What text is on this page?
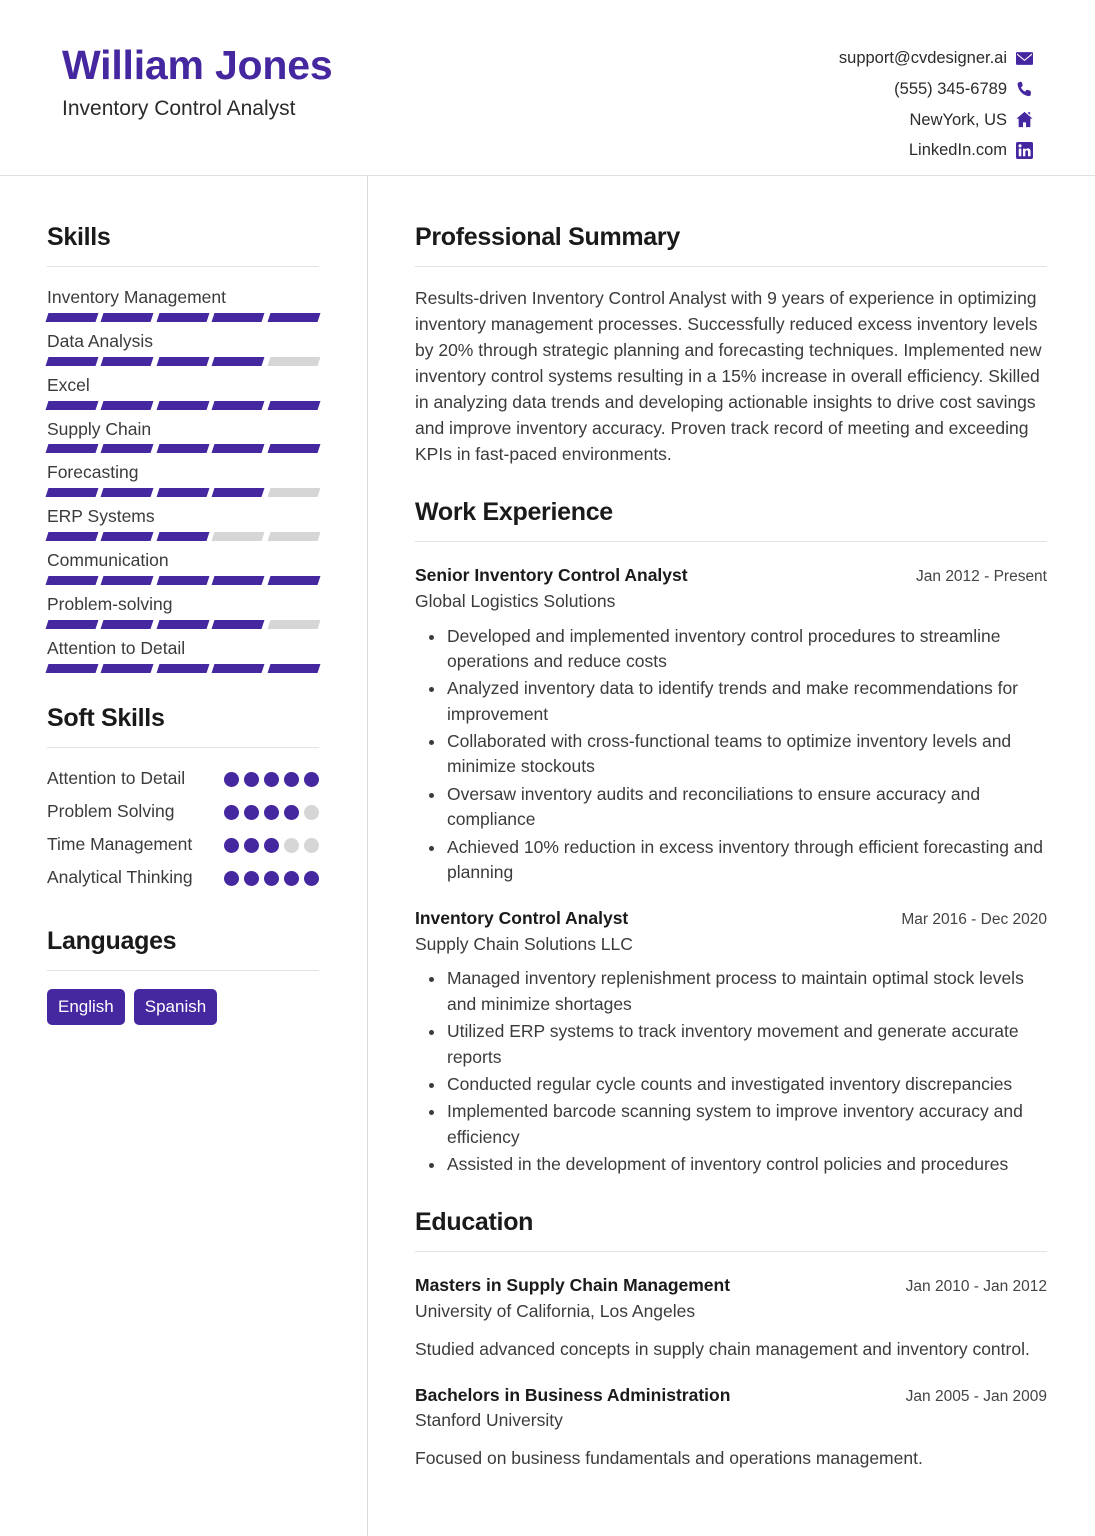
William Jones
Inventory Control Analyst
support@cvdesigner.ai
(555) 345-6789
NewYork, US
LinkedIn.com
Skills
Inventory Management
Data Analysis
Excel
Supply Chain
Forecasting
ERP Systems
Communication
Problem-solving
Attention to Detail
Soft Skills
Attention to Detail
Problem Solving
Time Management
Analytical Thinking
Languages
English	Spanish
Professional Summary

Results-driven Inventory Control Analyst with 9 years of experience in optimizing inventory management processes. Successfully reduced excess inventory levels by 20% through strategic planning and forecasting techniques. Implemented new inventory control systems resulting in a 15% increase in overall efficiency. Skilled in analyzing data trends and developing actionable insights to drive cost savings and improve inventory accuracy. Proven track record of meeting and exceeding KPIs in fast-paced environments.

Work Experience
Senior Inventory Control Analyst	Jan 2012 - Present
Global Logistics Solutions
Developed and implemented inventory control procedures to streamline operations and reduce costs
Analyzed inventory data to identify trends and make recommendations for improvement
Collaborated with cross-functional teams to optimize inventory levels and minimize stockouts
Oversaw inventory audits and reconciliations to ensure accuracy and compliance
Achieved 10% reduction in excess inventory through efficient forecasting and planning
Inventory Control Analyst	Mar 2016 - Dec 2020
Supply Chain Solutions LLC
Managed inventory replenishment process to maintain optimal stock levels and minimize shortages
Utilized ERP systems to track inventory movement and generate accurate reports
Conducted regular cycle counts and investigated inventory discrepancies
Implemented barcode scanning system to improve inventory accuracy and efficiency
Assisted in the development of inventory control policies and procedures
Education
Masters in Supply Chain Management	Jan 2010 - Jan 2012
University of California, Los Angeles

Studied advanced concepts in supply chain management and inventory control.

Bachelors in Business Administration	Jan 2005 - Jan 2009
Stanford University

Focused on business fundamentals and operations management.
